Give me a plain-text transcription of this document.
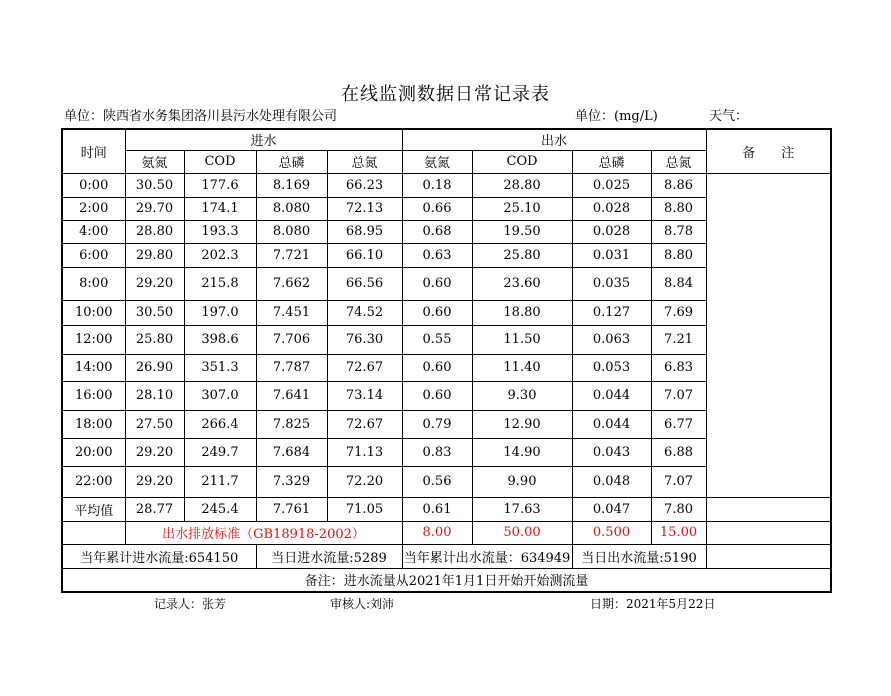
在线监测数据日常记录表
单位：陕西省水务集团洛川县污水处理有限公司	单位：(mg/L)	天气：
时间	进水				出水				备　　注
	氨氮	COD	总磷	总氮	氨氮	COD	总磷	总氮	
0:00	30.50	177.6	8.169	66.23	0.18	28.80	0.025	8.86	
2:00	29.70	174.1	8.080	72.13	0.66	25.10	0.028	8.80	
4:00	28.80	193.3	8.080	68.95	0.68	19.50	0.028	8.78	
6:00	29.80	202.3	7.721	66.10	0.63	25.80	0.031	8.80	
8:00	29.20	215.8	7.662	66.56	0.60	23.60	0.035	8.84	
10:00	30.50	197.0	7.451	74.52	0.60	18.80	0.127	7.69	
12:00	25.80	398.6	7.706	76.30	0.55	11.50	0.063	7.21	
14:00	26.90	351.3	7.787	72.67	0.60	11.40	0.053	6.83	
16:00	28.10	307.0	7.641	73.14	0.60	9.30	0.044	7.07	
18:00	27.50	266.4	7.825	72.67	0.79	12.90	0.044	6.77	
20:00	29.20	249.7	7.684	71.13	0.83	14.90	0.043	6.88	
22:00	29.20	211.7	7.329	72.20	0.56	9.90	0.048	7.07	
平均值	28.77	245.4	7.761	71.05	0.61	17.63	0.047	7.80	
	出水排放标准（GB18918-2002）				8.00	50.00	0.500	15.00	
当年累计进水流量:654150			当日进水流量:5289		当年累计出水流量：634949		当日出水流量:5190		
备注：进水流量从2021年1月1日开始开始测流量									
记录人：张芳	审核人:刘沛	日期：2021年5月22日
